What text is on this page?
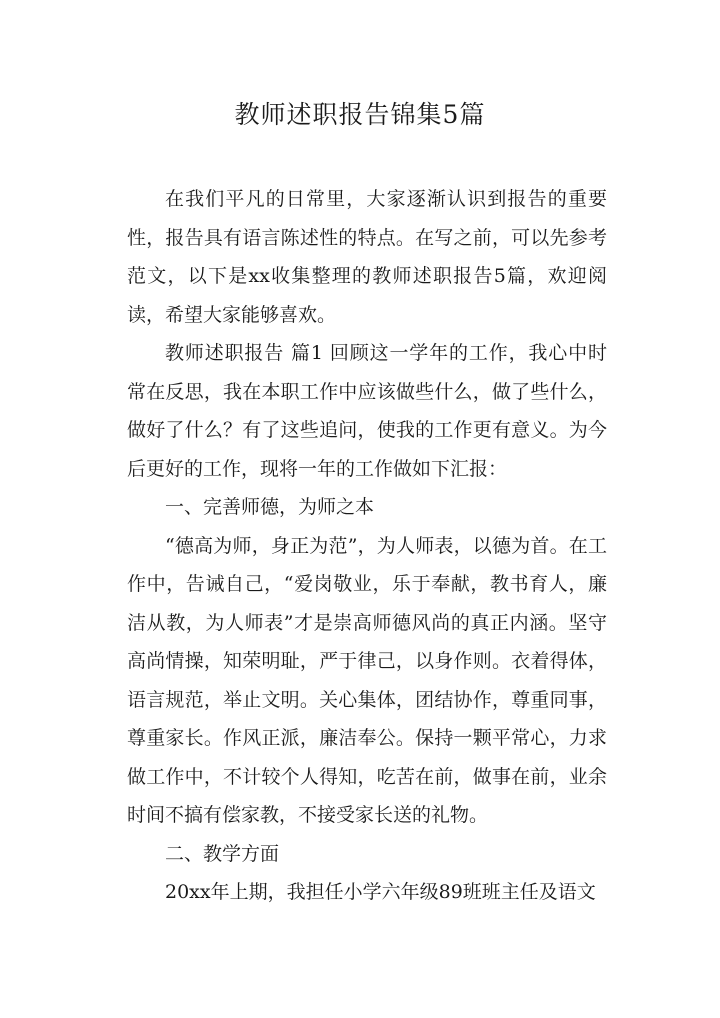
教师述职报告锦集5篇

在我们平凡的日常里，大家逐渐认识到报告的重要性，报告具有语言陈述性的特点。在写之前，可以先参考范文，以下是xx收集整理的教师述职报告5篇，欢迎阅读，希望大家能够喜欢。

教师述职报告 篇1 回顾这一学年的工作，我心中时常在反思，我在本职工作中应该做些什么，做了些什么，做好了什么？有了这些追问，使我的工作更有意义。为今后更好的工作，现将一年的工作做如下汇报：

一、完善师德，为师之本

“德高为师，身正为范”，为人师表，以德为首。在工作中，告诫自己，“爱岗敬业，乐于奉献，教书育人，廉洁从教，为人师表”才是崇高师德风尚的真正内涵。坚守高尚情操，知荣明耻，严于律己，以身作则。衣着得体，语言规范，举止文明。关心集体，团结协作，尊重同事，尊重家长。作风正派，廉洁奉公。保持一颗平常心，力求做工作中，不计较个人得知，吃苦在前，做事在前，业余时间不搞有偿家教，不接受家长送的礼物。

二、教学方面

20xx年上期，我担任小学六年级89班班主任及语文
